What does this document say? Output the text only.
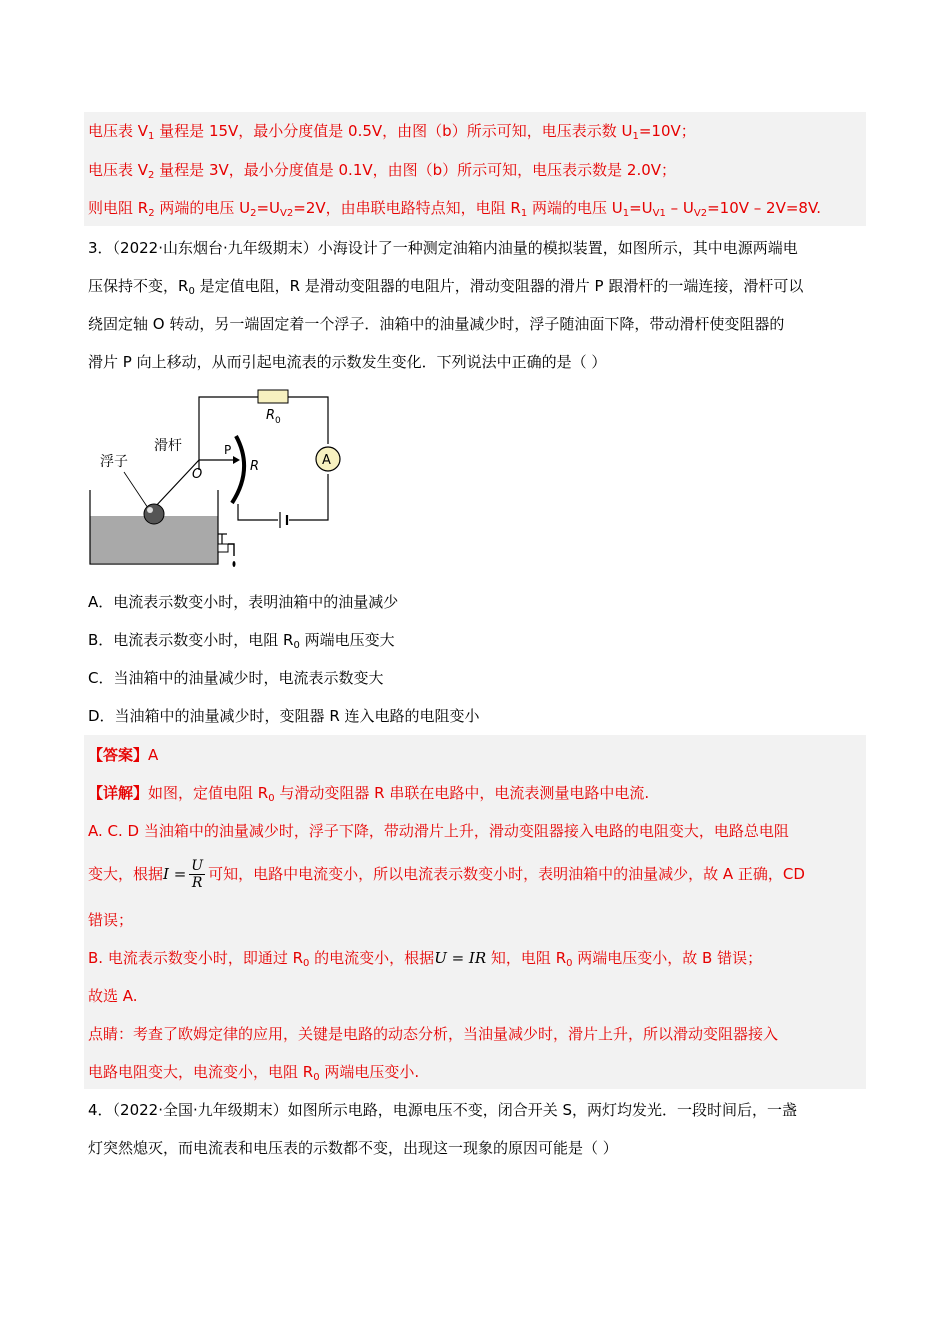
电压表 $V_1$ 量程是 15V，最小分度值是 0.5V，由图（b）所示可知，电压表示数 $U_1=10V$；
电压表 $V_2$ 量程是 3V，最小分度值是 0.1V，由图（b）所示可知，电压表示数是 2.0V；
则电阻 $R_2$ 两端的电压 $U_2=U_{V2}=2V$，由串联电路特点知，电阻 $R_1$ 两端的电压 $U_1=U_{V1} - U_{V2}=10V - 2V=8V$.
3．（2022·山东烟台·九年级期末）小海设计了一种测定油箱内油量的模拟装置，如图所示，其中电源两端电
压保持不变，$R_0$ 是定值电阻，R 是滑动变阻器的电阻片，滑动变阻器的滑片 P 跟滑杆的一端连接，滑杆可以
绕固定轴 O 转动，另一端固定着一个浮子．油箱中的油量减少时，浮子随油面下降，带动滑杆使变阻器的
滑片 P 向上移动，从而引起电流表的示数发生变化．下列说法中正确的是（ ）
$R_0$
A
R
P
O
滑杆
浮子
A．电流表示数变小时，表明油箱中的油量减少
B．电流表示数变小时，电阻 $R_0$ 两端电压变大
C．当油箱中的油量减少时，电流表示数变大
D．当油箱中的油量减少时，变阻器 R 连入电路的电阻变小
【答案】A
【详解】如图，定值电阻 $R_0$ 与滑动变阻器 R 串联在电路中，电流表测量电路中电流.
A. C. D 当油箱中的油量减少时，浮子下降，带动滑片上升，滑动变阻器接入电路的电阻变大，电路总电阻
变大，根据$I = \frac{U}{R}$ 可知，电路中电流变小，所以电流表示数变小时，表明油箱中的油量减少，故 A 正确，CD
错误；
B. 电流表示数变小时，即通过 $R_0$ 的电流变小，根据U = IR 知，电阻 $R_0$ 两端电压变小，故 B 错误；
故选 A.
点睛：考查了欧姆定律的应用，关键是电路的动态分析，当油量减少时，滑片上升，所以滑动变阻器接入
电路电阻变大，电流变小，电阻 $R_0$ 两端电压变小.
4．（2022·全国·九年级期末）如图所示电路，电源电压不变，闭合开关 S，两灯均发光．一段时间后，一盏
灯突然熄灭，而电流表和电压表的示数都不变，出现这一现象的原因可能是（ ）
